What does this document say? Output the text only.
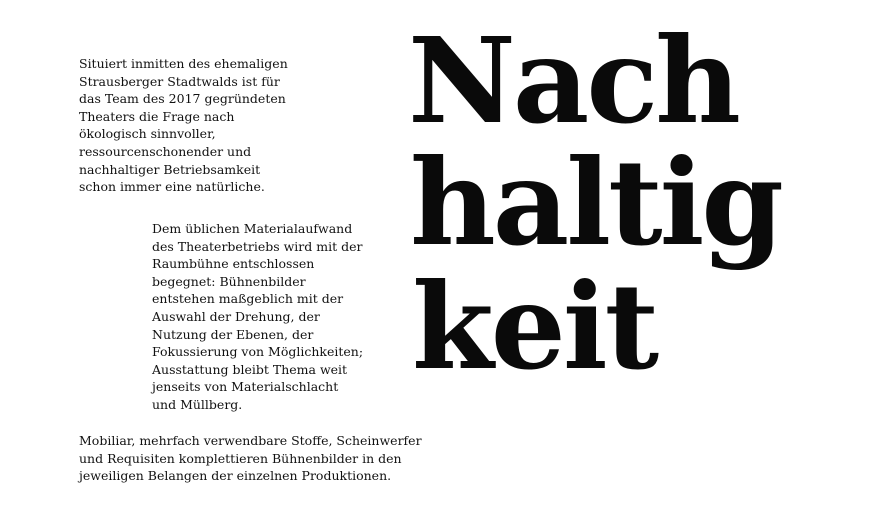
Situiert inmitten des ehemaligen
Strausberger Stadtwalds ist für
das Team des 2017 gegründeten
Theaters die Frage nach
ökologisch sinnvoller,
ressourcenschonender und
nachhaltiger Betriebsamkeit
schon immer eine natürliche.

Dem üblichen Materialaufwand
des Theaterbetriebs wird mit der
Raumbühne entschlossen
begegnet: Bühnenbilder
entstehen maßgeblich mit der
Auswahl der Drehung, der
Nutzung der Ebenen, der
Fokussierung von Möglichkeiten;
Ausstattung bleibt Thema weit
jenseits von Materialschlacht
und Müllberg.

Mobiliar, mehrfach verwendbare Stoffe, Scheinwerfer
und Requisiten komplettieren Bühnenbilder in den
jeweiligen Belangen der einzelnen Produktionen.

Nach
haltig
keit
